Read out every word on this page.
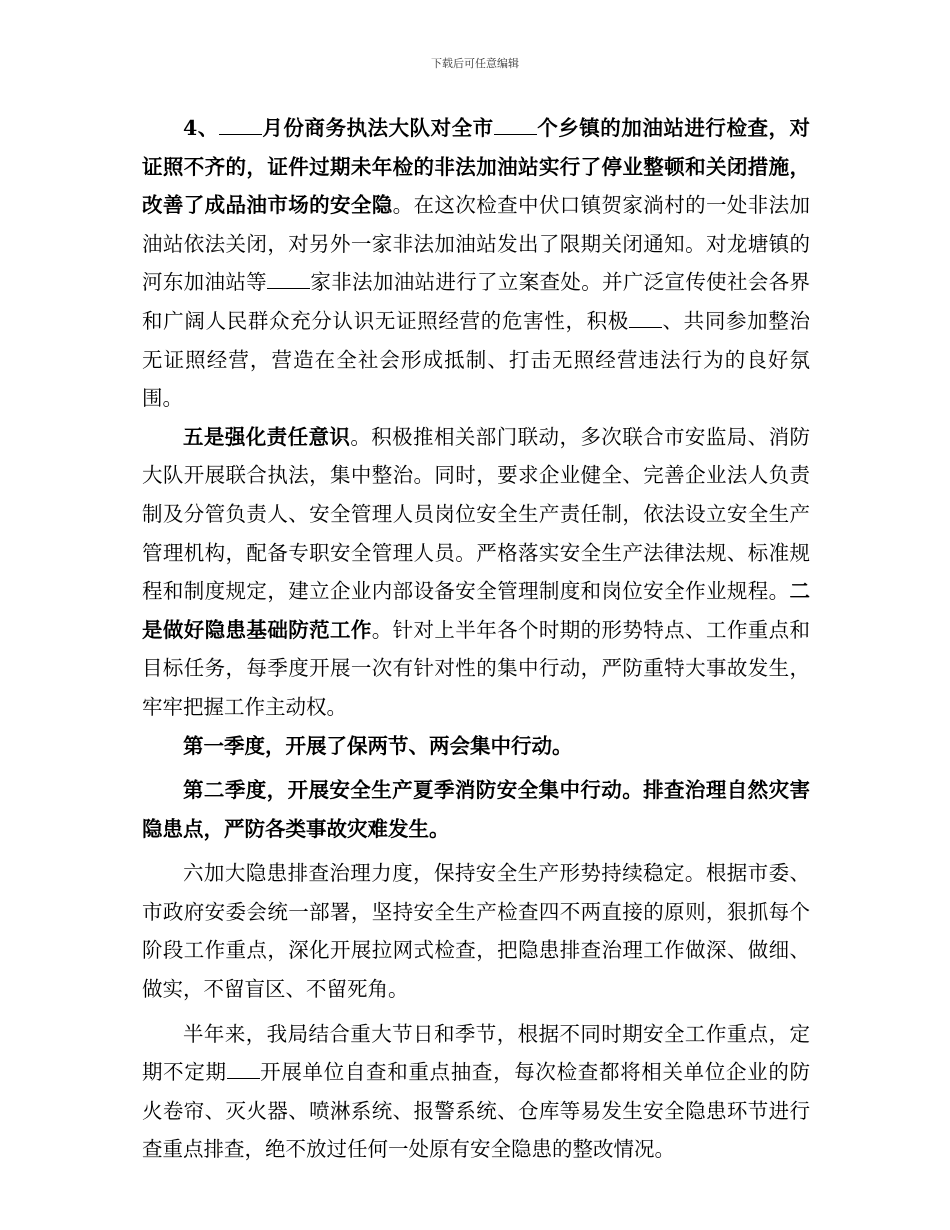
下载后可任意编辑

4、 月份商务执法大队对全市 个乡镇的加油站进行检查，对证照不齐的，证件过期未年检的非法加油站实行了停业整顿和关闭措施，改善了成品油市场的安全隐。在这次检查中伏口镇贺家淌村的一处非法加油站依法关闭，对另外一家非法加油站发出了限期关闭通知。对龙塘镇的河东加油站等 家非法加油站进行了立案查处。并广泛宣传使社会各界和广阔人民群众充分认识无证照经营的危害性，积极 、共同参加整治无证照经营，营造在全社会形成抵制、打击无照经营违法行为的良好氛围。

五是强化责任意识。积极推相关部门联动，多次联合市安监局、消防大队开展联合执法，集中整治。同时，要求企业健全、完善企业法人负责制及分管负责人、安全管理人员岗位安全生产责任制，依法设立安全生产管理机构，配备专职安全管理人员。严格落实安全生产法律法规、标准规程和制度规定，建立企业内部设备安全管理制度和岗位安全作业规程。二是做好隐患基础防范工作。针对上半年各个时期的形势特点、工作重点和目标任务，每季度开展一次有针对性的集中行动，严防重特大事故发生，牢牢把握工作主动权。

第一季度，开展了保两节、两会集中行动。

第二季度，开展安全生产夏季消防安全集中行动。排查治理自然灾害隐患点，严防各类事故灾难发生。

六加大隐患排查治理力度，保持安全生产形势持续稳定。根据市委、市政府安委会统一部署，坚持安全生产检查四不两直接的原则，狠抓每个阶段工作重点，深化开展拉网式检查，把隐患排查治理工作做深、做细、做实，不留盲区、不留死角。

半年来，我局结合重大节日和季节，根据不同时期安全工作重点，定期不定期 开展单位自查和重点抽查，每次检查都将相关单位企业的防火卷帘、灭火器、喷淋系统、报警系统、仓库等易发生安全隐患环节进行查重点排查，绝不放过任何一处原有安全隐患的整改情况。
